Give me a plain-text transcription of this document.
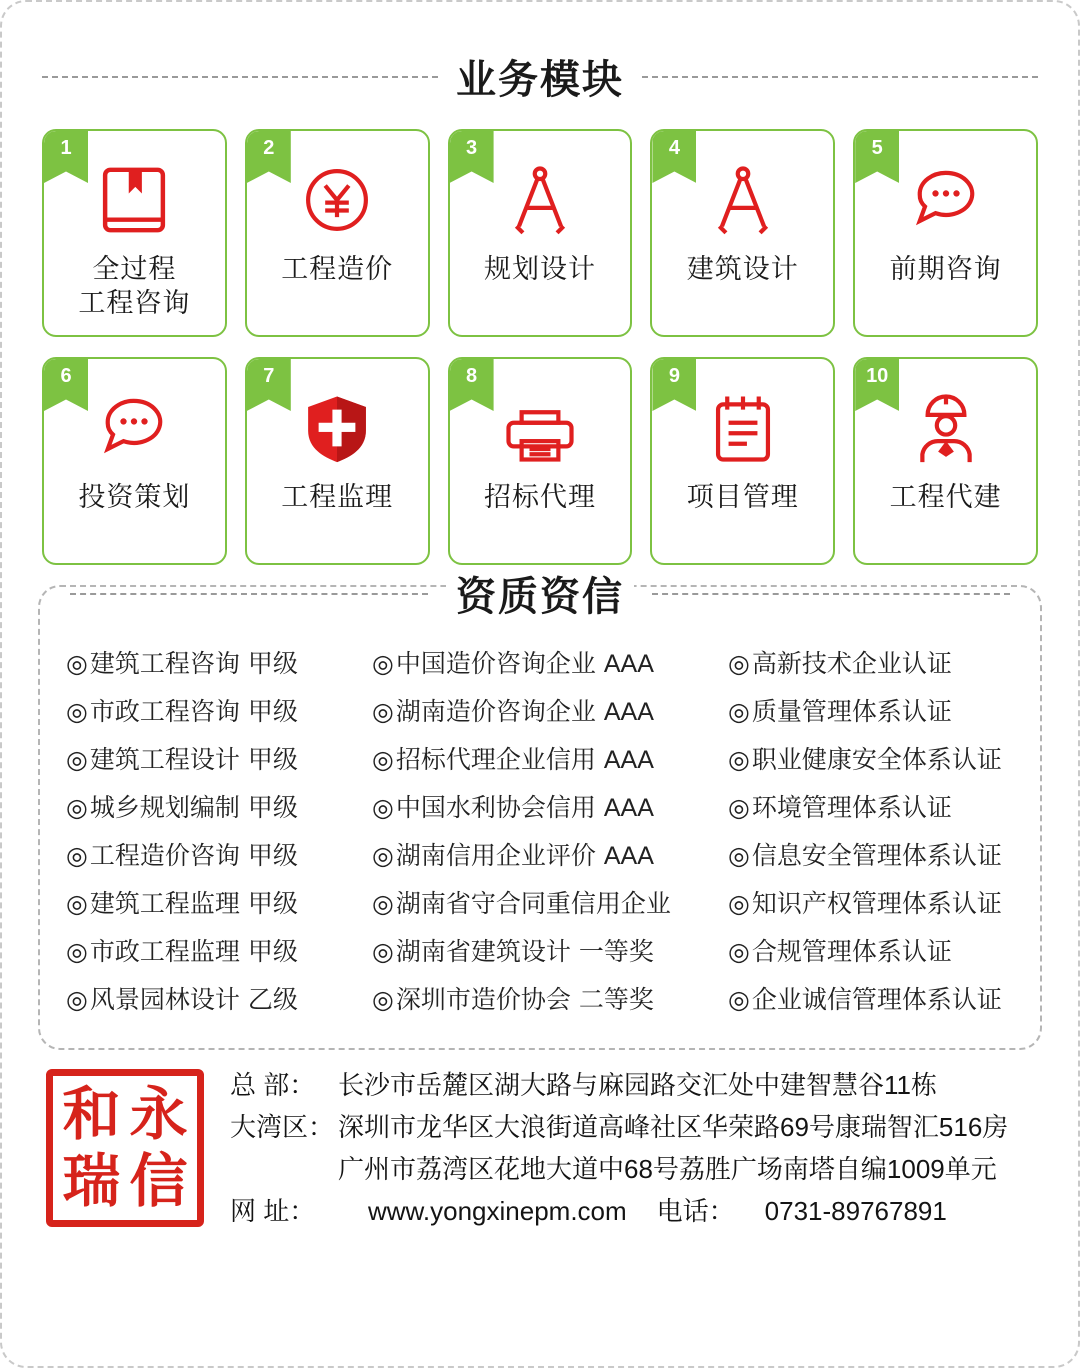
业务模块
1
全过程
工程咨询
2
工程造价
3
规划设计
4
建筑设计
5
前期咨询
6
投资策划
7
工程监理
8
招标代理
9
项目管理
10
工程代建
资质资信
◎建筑工程咨询 甲级
◎市政工程咨询 甲级
◎建筑工程设计 甲级
◎城乡规划编制 甲级
◎工程造价咨询 甲级
◎建筑工程监理 甲级
◎市政工程监理 甲级
◎风景园林设计 乙级
◎中国造价咨询企业 AAA
◎湖南造价咨询企业 AAA
◎招标代理企业信用 AAA
◎中国水利协会信用 AAA
◎湖南信用企业评价 AAA
◎湖南省守合同重信用企业
◎湖南省建筑设计 一等奖
◎深圳市造价协会 二等奖
◎高新技术企业认证
◎质量管理体系认证
◎职业健康安全体系认证
◎环境管理体系认证
◎信息安全管理体系认证
◎知识产权管理体系认证
◎合规管理体系认证
◎企业诚信管理体系认证
和 永
瑞 信
总 部： 长沙市岳麓区湖大路与麻园路交汇处中建智慧谷11栋
大湾区： 深圳市龙华区大浪街道高峰社区华荣路69号康瑞智汇516房
广州市荔湾区花地大道中68号荔胜广场南塔自编1009单元
网 址：	www.yongxinepm.com 电话： 0731-89767891
